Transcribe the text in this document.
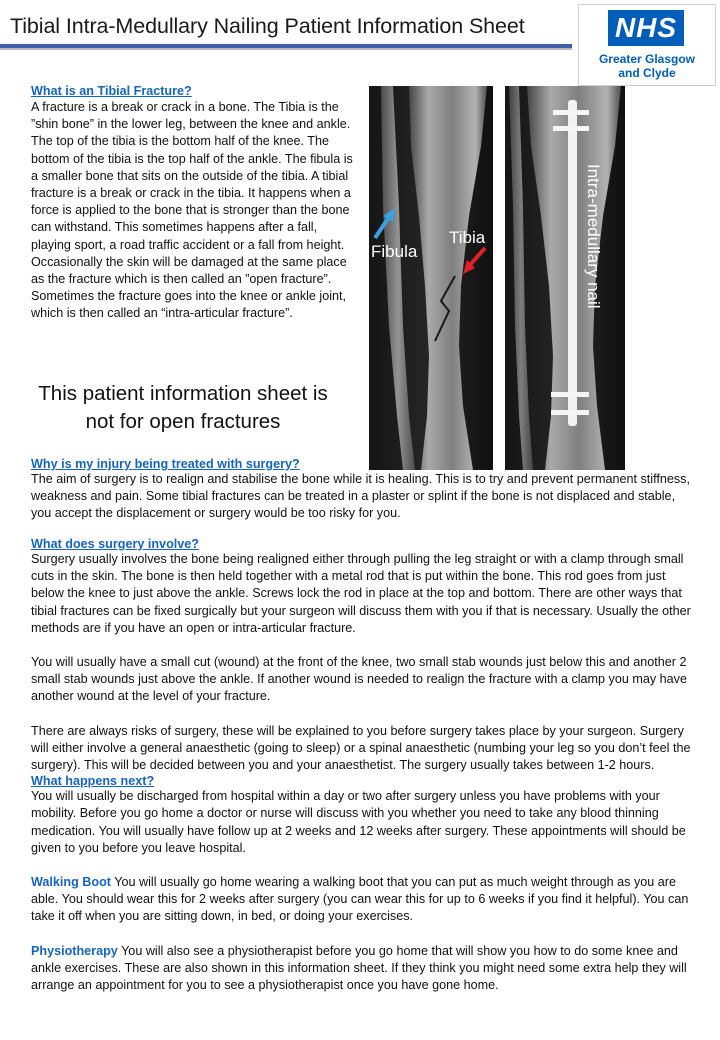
Tibial Intra-Medullary Nailing Patient Information Sheet	NHS
Greater Glasgow
and Clyde
What is an Tibial Fracture?

A fracture is a break or crack in a bone. The Tibia is the ”shin bone” in the lower leg, between the knee and ankle. The top of the tibia is the bottom half of the knee. The bottom of the tibia is the top half of the ankle. The fibula is a smaller bone that sits on the outside of the tibia. A tibial fracture is a break or crack in the tibia. It happens when a force is applied to the bone that is stronger than the bone can withstand. This sometimes happens after a fall, playing sport, a road traffic accident or a fall from height. Occasionally the skin will be damaged at the same place as the fracture which is then called an ”open fracture”. Sometimes the fracture goes into the knee or ankle joint, which is then called an “intra-articular fracture”.

This patient information sheet is
not for open fractures
Fibula
Tibia	Intra-medullary nail
Why is my injury being treated with surgery?

The aim of surgery is to realign and stabilise the bone while it is healing. This is to try and prevent permanent stiffness, weakness and pain. Some tibial fractures can be treated in a plaster or splint if the bone is not displaced and stable, you accept the displacement or surgery would be too risky for you.

What does surgery involve?

Surgery usually involves the bone being realigned either through pulling the leg straight or with a clamp through small cuts in the skin. The bone is then held together with a metal rod that is put within the bone. This rod goes from just below the knee to just above the ankle. Screws lock the rod in place at the top and bottom. There are other ways that tibial fractures can be fixed surgically but your surgeon will discuss them with you if that is necessary. Usually the other methods are if you have an open or intra-articular fracture.

You will usually have a small cut (wound) at the front of the knee, two small stab wounds just below this and another 2 small stab wounds just above the ankle. If another wound is needed to realign the fracture with a clamp you may have another wound at the level of your fracture.

There are always risks of surgery, these will be explained to you before surgery takes place by your surgeon. Surgery will either involve a general anaesthetic (going to sleep) or a spinal anaesthetic (numbing your leg so you don’t feel the surgery). This will be decided between you and your anaesthetist. The surgery usually takes between 1-2 hours.

What happens next?

You will usually be discharged from hospital within a day or two after surgery unless you have problems with your mobility. Before you go home a doctor or nurse will discuss with you whether you need to take any blood thinning medication. You will usually have follow up at 2 weeks and 12 weeks after surgery. These appointments will should be given to you before you leave hospital.

Walking Boot You will usually go home wearing a walking boot that you can put as much weight through as you are able. You should wear this for 2 weeks after surgery (you can wear this for up to 6 weeks if you find it helpful). You can take it off when you are sitting down, in bed, or doing your exercises.

Physiotherapy You will also see a physiotherapist before you go home that will show you how to do some knee and ankle exercises. These are also shown in this information sheet. If they think you might need some extra help they will arrange an appointment for you to see a physiotherapist once you have gone home.
